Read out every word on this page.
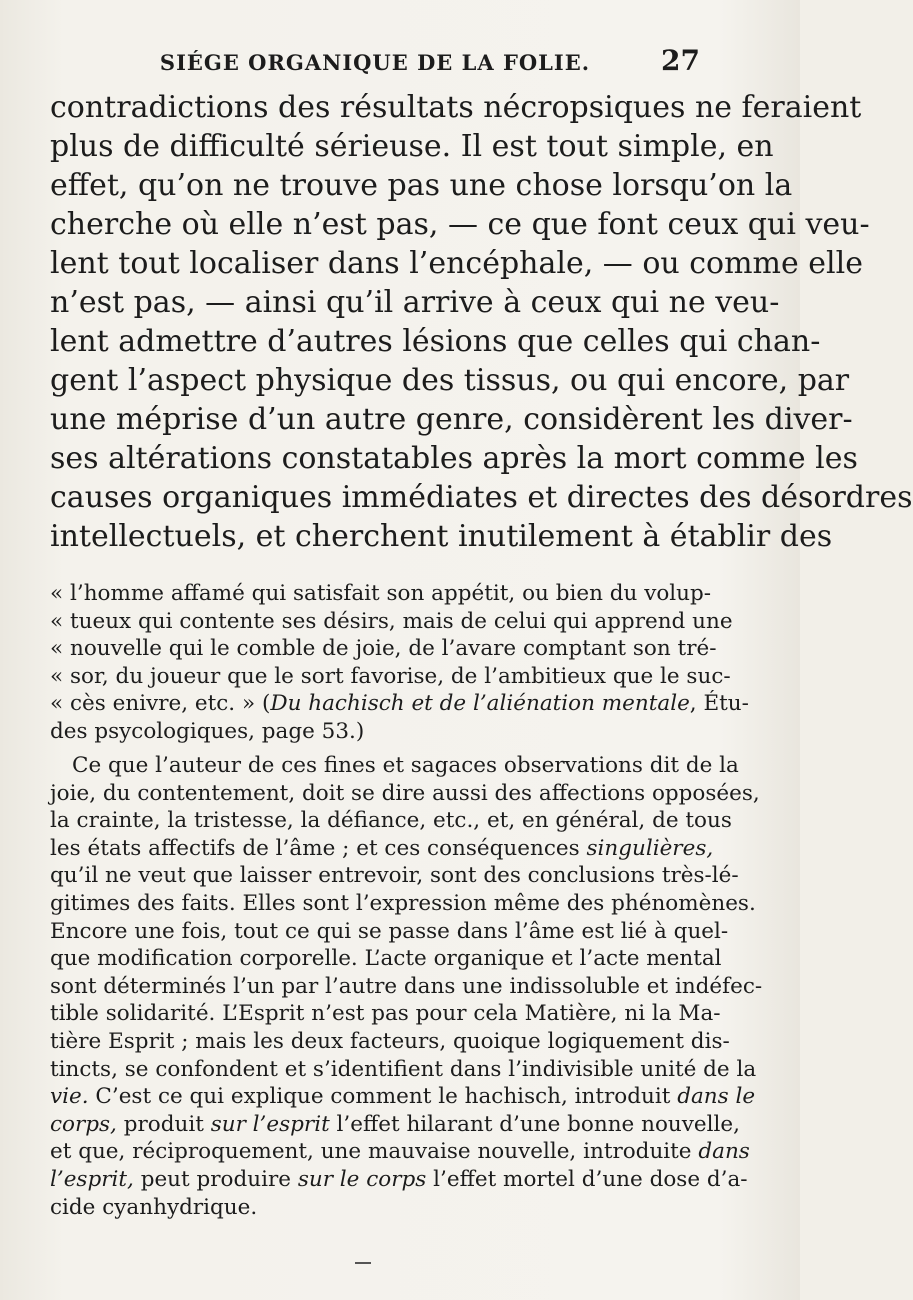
SIÉGE ORGANIQUE DE LA FOLIE.	27
contradictions des résultats nécropsiques ne feraient
plus de difficulté sérieuse. Il est tout simple, en
effet, qu’on ne trouve pas une chose lorsqu’on la
cherche où elle n’est pas, — ce que font ceux qui veu-
lent tout localiser dans l’encéphale, — ou comme elle
n’est pas, — ainsi qu’il arrive à ceux qui ne veu-
lent admettre d’autres lésions que celles qui chan-
gent l’aspect physique des tissus, ou qui encore, par
une méprise d’un autre genre, considèrent les diver-
ses altérations constatables après la mort comme les
causes organiques immédiates et directes des désordres
intellectuels, et cherchent inutilement à établir des
« l’homme affamé qui satisfait son appétit, ou bien du volup-
« tueux qui contente ses désirs, mais de celui qui apprend une
« nouvelle qui le comble de joie, de l’avare comptant son tré-
« sor, du joueur que le sort favorise, de l’ambitieux que le suc-
« cès enivre, etc. » (Du hachisch et de l’aliénation mentale, Étu-
des psycologiques, page 53.)
Ce que l’auteur de ces fines et sagaces observations dit de la
joie, du contentement, doit se dire aussi des affections opposées,
la crainte, la tristesse, la défiance, etc., et, en général, de tous
les états affectifs de l’âme ; et ces conséquences singulières,
qu’il ne veut que laisser entrevoir, sont des conclusions très-lé-
gitimes des faits. Elles sont l’expression même des phénomènes.
Encore une fois, tout ce qui se passe dans l’âme est lié à quel-
que modification corporelle. L’acte organique et l’acte mental
sont déterminés l’un par l’autre dans une indissoluble et indéfec-
tible solidarité. L’Esprit n’est pas pour cela Matière, ni la Ma-
tière Esprit ; mais les deux facteurs, quoique logiquement dis-
tincts, se confondent et s’identifient dans l’indivisible unité de la
vie. C’est ce qui explique comment le hachisch, introduit dans le
corps, produit sur l’esprit l’effet hilarant d’une bonne nouvelle,
et que, réciproquement, une mauvaise nouvelle, introduite dans
l’esprit, peut produire sur le corps l’effet mortel d’une dose d’a-
cide cyanhydrique.
